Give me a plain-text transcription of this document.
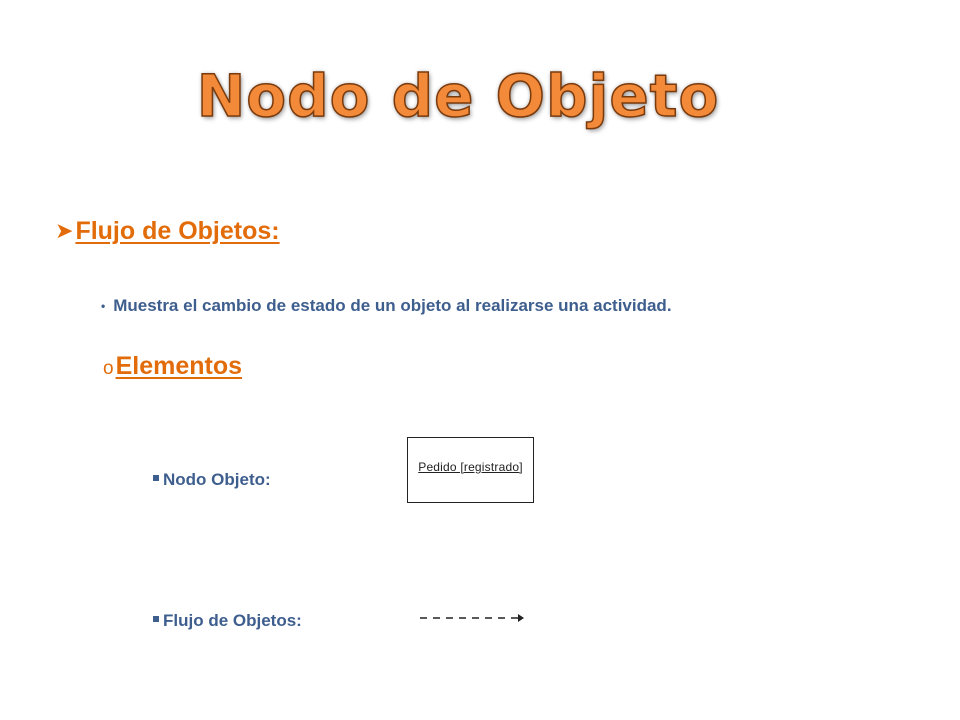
Nodo de Objeto
➤ Flujo de Objetos:
• Muestra el cambio de estado de un objeto al realizarse una actividad.
o Elementos
Nodo Objeto:
Pedido [registrado]
Flujo de Objetos:
